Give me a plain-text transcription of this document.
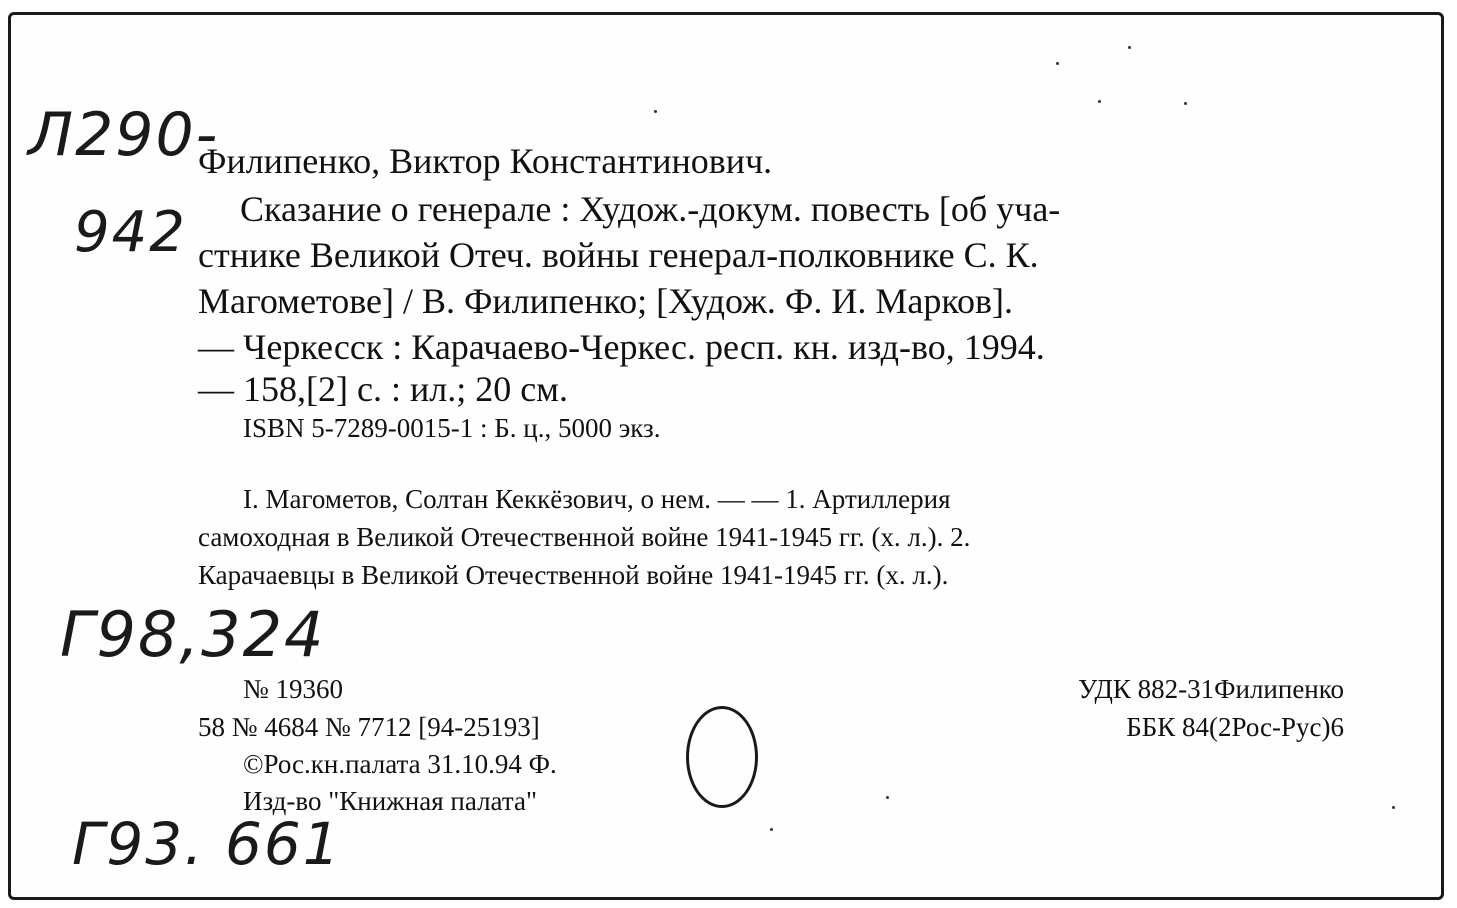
Л290-
942
Филипенко, Виктор Константинович.
Сказание о генерале : Худож.-докум. повесть [об уча-
стнике Великой Отеч. войны генерал-полковнике С. К.
Магометове] / В. Филипенко; [Худож. Ф. И. Марков].
— Черкесск : Карачаево-Черкес. респ. кн. изд-во, 1994.
— 158,[2] с. : ил.; 20 см.
ISBN 5-7289-0015-1 : Б. ц., 5000 экз.
I. Магометов, Солтан Кеккёзович, о нем. — — 1. Артиллерия
самоходная в Великой Отечественной войне 1941-1945 гг. (х. л.). 2.
Карачаевцы в Великой Отечественной войне 1941-1945 гг. (х. л.).
Г98,324
№ 19360
58 № 4684 № 7712 [94-25193]
©Рос.кн.палата 31.10.94 Ф.
Изд-во "Книжная палата"
УДК 882-31Филипенко
ББК 84(2Рос-Рус)6
Г93. 661
